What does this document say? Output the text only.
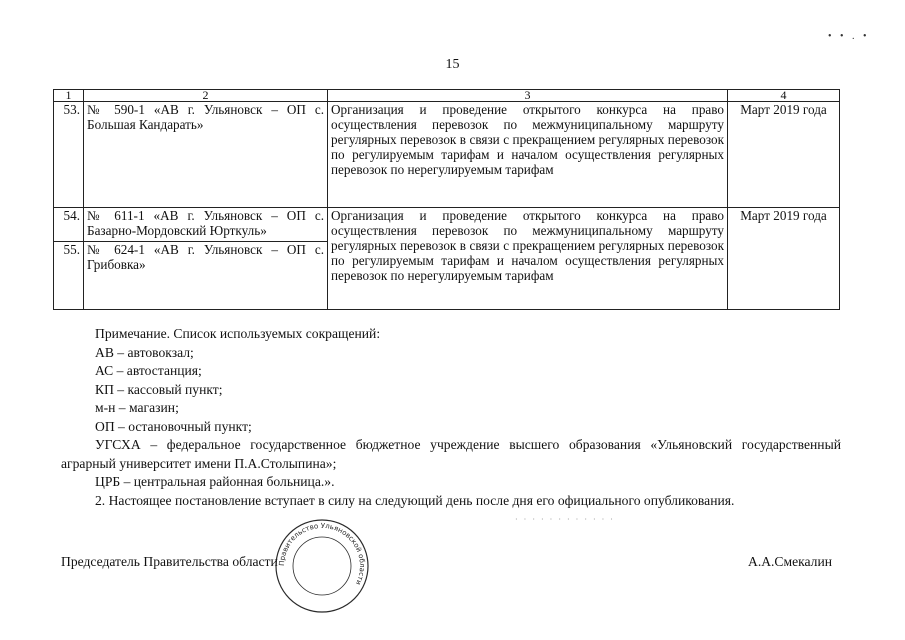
15
• • . •
1	2	3	4
53.	№ 590-1 «АВ г. Ульяновск – ОП с. Большая Кандарать»	Организация и проведение открытого конкурса на право осуществления перевозок по межмуниципальному маршруту регулярных перевозок в связи с прекращением регулярных перевозок по регулируемым тарифам и началом осуществления регулярных перевозок по нерегулируемым тарифам	Март 2019 года
54.	№ 611-1 «АВ г. Ульяновск – ОП с. Базарно-Мордовский Юрткуль»	Организация и проведение открытого конкурса на право осуществления перевозок по межмуниципальному маршруту регулярных перевозок в связи с прекращением регулярных перевозок по регулируемым тарифам и началом осуществления регулярных перевозок по нерегулируемым тарифам	Март 2019 года
55.	№ 624-1 «АВ г. Ульяновск – ОП с. Грибовка»		
Примечание. Список используемых сокращений:
АВ – автовокзал;
АС – автостанция;
КП – кассовый пункт;
м-н – магазин;
ОП – остановочный пункт;
УГСХА – федеральное государственное бюджетное учреждение высшего образования «Ульяновский государственный аграрный университет имени П.А.Столыпина»;
ЦРБ – центральная районная больница.».
2. Настоящее постановление вступает в силу на следующий день после дня его официального опубликования.
· · · · · · · · · · · ·
Правительство Ульяновской области
Председатель Правительства области	А.А.Смекалин
